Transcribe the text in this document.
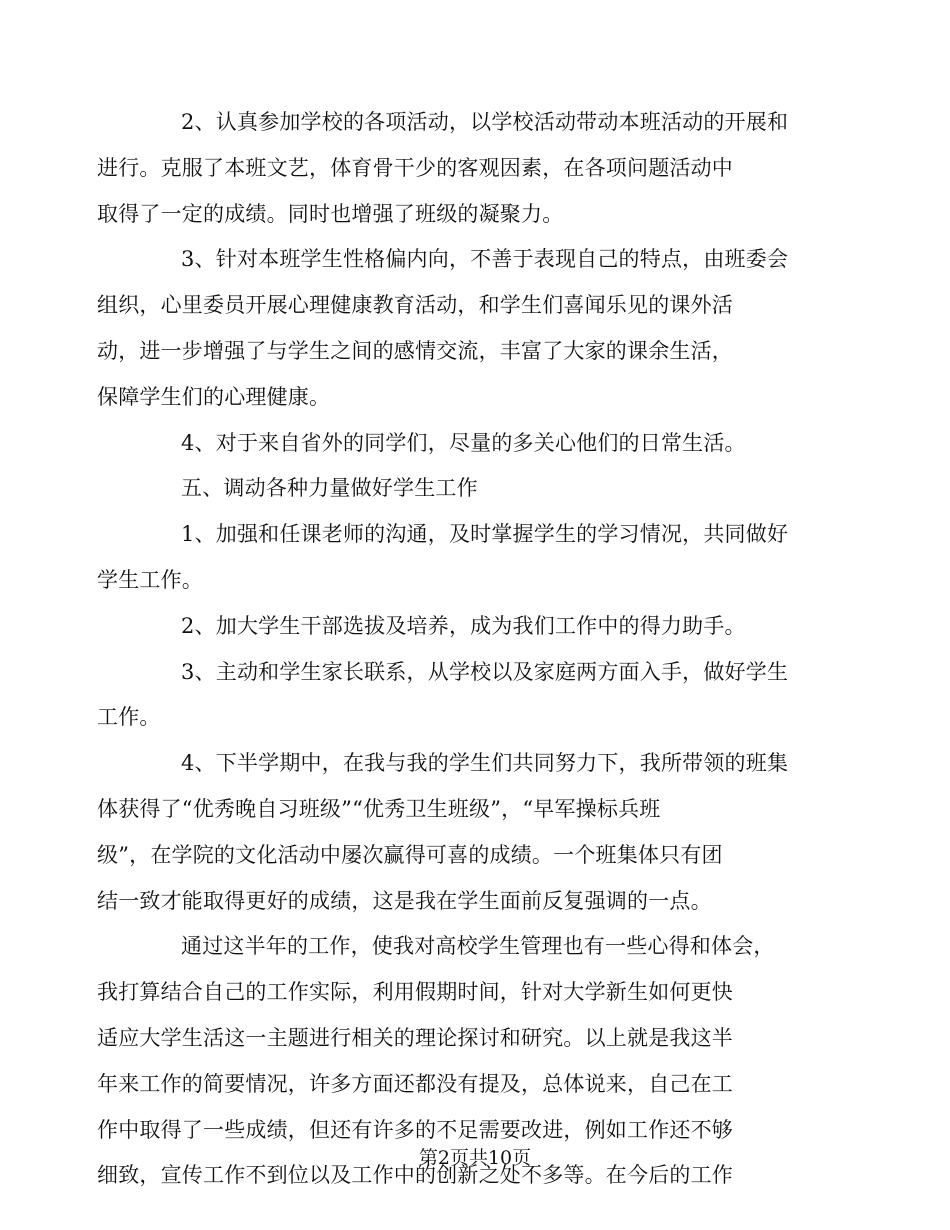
2、认真参加学校的各项活动，以学校活动带动本班活动的开展和
进行。克服了本班文艺，体育骨干少的客观因素，在各项问题活动中
取得了一定的成绩。同时也增强了班级的凝聚力。
3、针对本班学生性格偏内向，不善于表现自己的特点，由班委会
组织，心里委员开展心理健康教育活动，和学生们喜闻乐见的课外活
动，进一步增强了与学生之间的感情交流，丰富了大家的课余生活，
保障学生们的心理健康。
4、对于来自省外的同学们，尽量的多关心他们的日常生活。
五、调动各种力量做好学生工作
1、加强和任课老师的沟通，及时掌握学生的学习情况，共同做好
学生工作。
2、加大学生干部选拔及培养，成为我们工作中的得力助手。
3、主动和学生家长联系，从学校以及家庭两方面入手，做好学生
工作。
4、下半学期中，在我与我的学生们共同努力下，我所带领的班集
体获得了“优秀晚自习班级”“优秀卫生班级”，“早军操标兵班
级”，在学院的文化活动中屡次赢得可喜的成绩。一个班集体只有团
结一致才能取得更好的成绩，这是我在学生面前反复强调的一点。
通过这半年的工作，使我对高校学生管理也有一些心得和体会，
我打算结合自己的工作实际，利用假期时间，针对大学新生如何更快
适应大学生活这一主题进行相关的理论探讨和研究。以上就是我这半
年来工作的简要情况，许多方面还都没有提及，总体说来，自己在工
作中取得了一些成绩，但还有许多的不足需要改进，例如工作还不够
细致，宣传工作不到位以及工作中的创新之处不多等。在今后的工作
第2页共10页
